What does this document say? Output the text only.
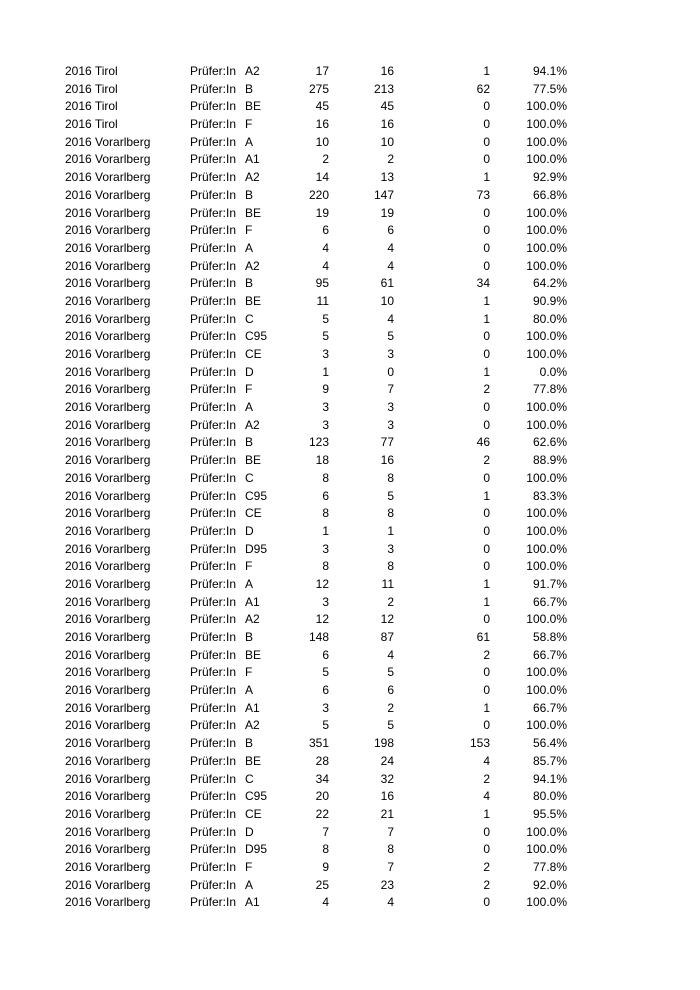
2016 Tirol	Prüfer:In A2	17	16	1	94.1%
2016 Tirol	Prüfer:In B	275	213	62	77.5%
2016 Tirol	Prüfer:In BE	45	45	0	100.0%
2016 Tirol	Prüfer:In F	16	16	0	100.0%
2016 Vorarlberg	Prüfer:In A	10	10	0	100.0%
2016 Vorarlberg	Prüfer:In A1	2	2	0	100.0%
2016 Vorarlberg	Prüfer:In A2	14	13	1	92.9%
2016 Vorarlberg	Prüfer:In B	220	147	73	66.8%
2016 Vorarlberg	Prüfer:In BE	19	19	0	100.0%
2016 Vorarlberg	Prüfer:In F	6	6	0	100.0%
2016 Vorarlberg	Prüfer:In A	4	4	0	100.0%
2016 Vorarlberg	Prüfer:In A2	4	4	0	100.0%
2016 Vorarlberg	Prüfer:In B	95	61	34	64.2%
2016 Vorarlberg	Prüfer:In BE	11	10	1	90.9%
2016 Vorarlberg	Prüfer:In C	5	4	1	80.0%
2016 Vorarlberg	Prüfer:In C95	5	5	0	100.0%
2016 Vorarlberg	Prüfer:In CE	3	3	0	100.0%
2016 Vorarlberg	Prüfer:In D	1	0	1	0.0%
2016 Vorarlberg	Prüfer:In F	9	7	2	77.8%
2016 Vorarlberg	Prüfer:In A	3	3	0	100.0%
2016 Vorarlberg	Prüfer:In A2	3	3	0	100.0%
2016 Vorarlberg	Prüfer:In B	123	77	46	62.6%
2016 Vorarlberg	Prüfer:In BE	18	16	2	88.9%
2016 Vorarlberg	Prüfer:In C	8	8	0	100.0%
2016 Vorarlberg	Prüfer:In C95	6	5	1	83.3%
2016 Vorarlberg	Prüfer:In CE	8	8	0	100.0%
2016 Vorarlberg	Prüfer:In D	1	1	0	100.0%
2016 Vorarlberg	Prüfer:In D95	3	3	0	100.0%
2016 Vorarlberg	Prüfer:In F	8	8	0	100.0%
2016 Vorarlberg	Prüfer:In A	12	11	1	91.7%
2016 Vorarlberg	Prüfer:In A1	3	2	1	66.7%
2016 Vorarlberg	Prüfer:In A2	12	12	0	100.0%
2016 Vorarlberg	Prüfer:In B	148	87	61	58.8%
2016 Vorarlberg	Prüfer:In BE	6	4	2	66.7%
2016 Vorarlberg	Prüfer:In F	5	5	0	100.0%
2016 Vorarlberg	Prüfer:In A	6	6	0	100.0%
2016 Vorarlberg	Prüfer:In A1	3	2	1	66.7%
2016 Vorarlberg	Prüfer:In A2	5	5	0	100.0%
2016 Vorarlberg	Prüfer:In B	351	198	153	56.4%
2016 Vorarlberg	Prüfer:In BE	28	24	4	85.7%
2016 Vorarlberg	Prüfer:In C	34	32	2	94.1%
2016 Vorarlberg	Prüfer:In C95	20	16	4	80.0%
2016 Vorarlberg	Prüfer:In CE	22	21	1	95.5%
2016 Vorarlberg	Prüfer:In D	7	7	0	100.0%
2016 Vorarlberg	Prüfer:In D95	8	8	0	100.0%
2016 Vorarlberg	Prüfer:In F	9	7	2	77.8%
2016 Vorarlberg	Prüfer:In A	25	23	2	92.0%
2016 Vorarlberg	Prüfer:In A1	4	4	0	100.0%
